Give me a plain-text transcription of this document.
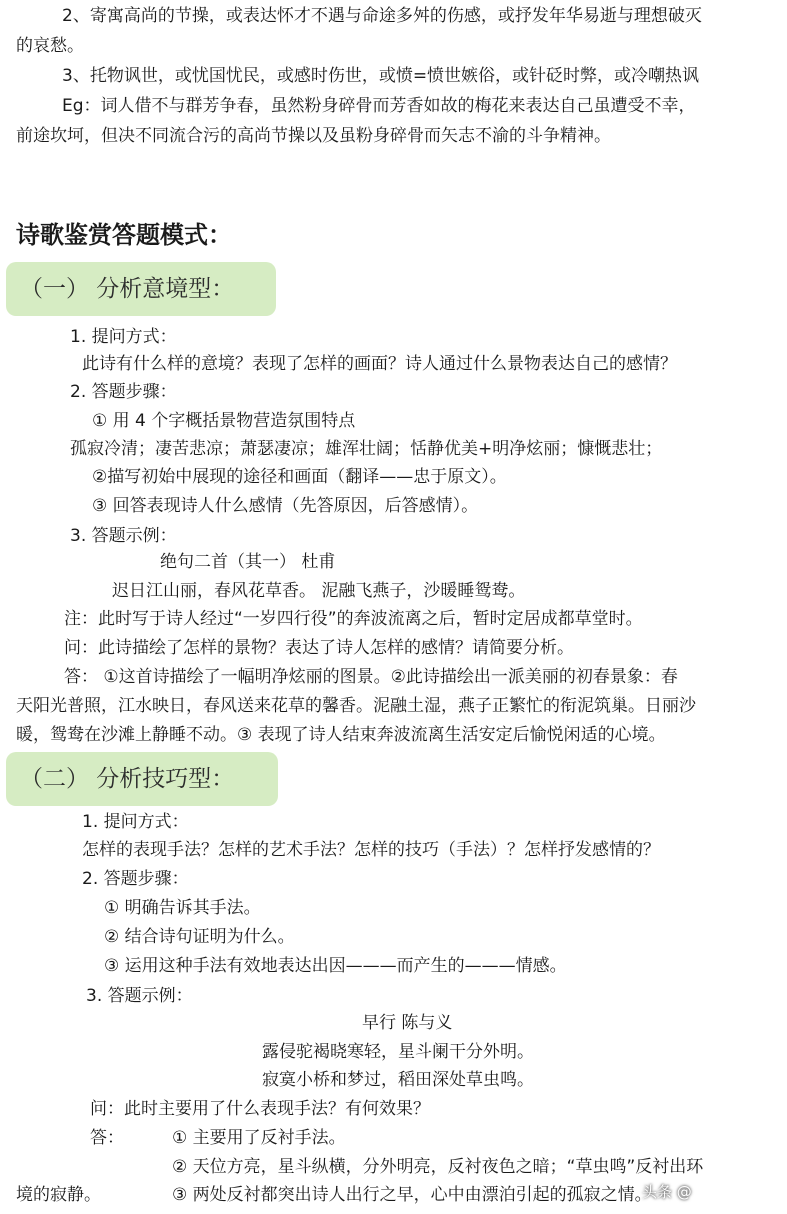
2、寄寓高尚的节操，或表达怀才不遇与命途多舛的伤感，或抒发年华易逝与理想破灭
的哀愁。
3、托物讽世，或忧国忧民，或感时伤世，或愤=愤世嫉俗，或针砭时弊，或冷嘲热讽
Eg：词人借不与群芳争春，虽然粉身碎骨而芳香如故的梅花来表达自己虽遭受不幸，
前途坎坷，但决不同流合污的高尚节操以及虽粉身碎骨而矢志不渝的斗争精神。
诗歌鉴赏答题模式：
（一） 分析意境型：
1. 提问方式：
此诗有什么样的意境？表现了怎样的画面？诗人通过什么景物表达自己的感情？
2. 答题步骤：
① 用 4 个字概括景物营造氛围特点
孤寂冷清；凄苦悲凉；萧瑟凄凉；雄浑壮阔；恬静优美+明净炫丽；慷慨悲壮；
②描写初始中展现的途径和画面（翻译——忠于原文）。
③ 回答表现诗人什么感情（先答原因，后答感情）。
3. 答题示例：
绝句二首（其一） 杜甫
迟日江山丽，春风花草香。 泥融飞燕子，沙暖睡鸳鸯。
注：此时写于诗人经过“一岁四行役”的奔波流离之后，暂时定居成都草堂时。
问：此诗描绘了怎样的景物？表达了诗人怎样的感情？请简要分析。
答： ①这首诗描绘了一幅明净炫丽的图景。②此诗描绘出一派美丽的初春景象：春
天阳光普照，江水映日，春风送来花草的馨香。泥融土湿，燕子正繁忙的衔泥筑巢。日丽沙
暖，鸳鸯在沙滩上静睡不动。③ 表现了诗人结束奔波流离生活安定后愉悦闲适的心境。
（二） 分析技巧型：
1. 提问方式：
怎样的表现手法？怎样的艺术手法？怎样的技巧（手法）？怎样抒发感情的？
2. 答题步骤：
① 明确告诉其手法。
② 结合诗句证明为什么。
③ 运用这种手法有效地表达出因———而产生的———情感。
3. 答题示例：
早行 陈与义
露侵驼褐晓寒轻，星斗阑干分外明。
寂寞小桥和梦过，稻田深处草虫鸣。
问：此时主要用了什么表现手法？有何效果？
答：	① 主要用了反衬手法。
② 天位方亮，星斗纵横，分外明亮，反衬夜色之暗；“草虫鸣”反衬出环
境的寂静。	③ 两处反衬都突出诗人出行之早，心中由漂泊引起的孤寂之情。
头条 @
